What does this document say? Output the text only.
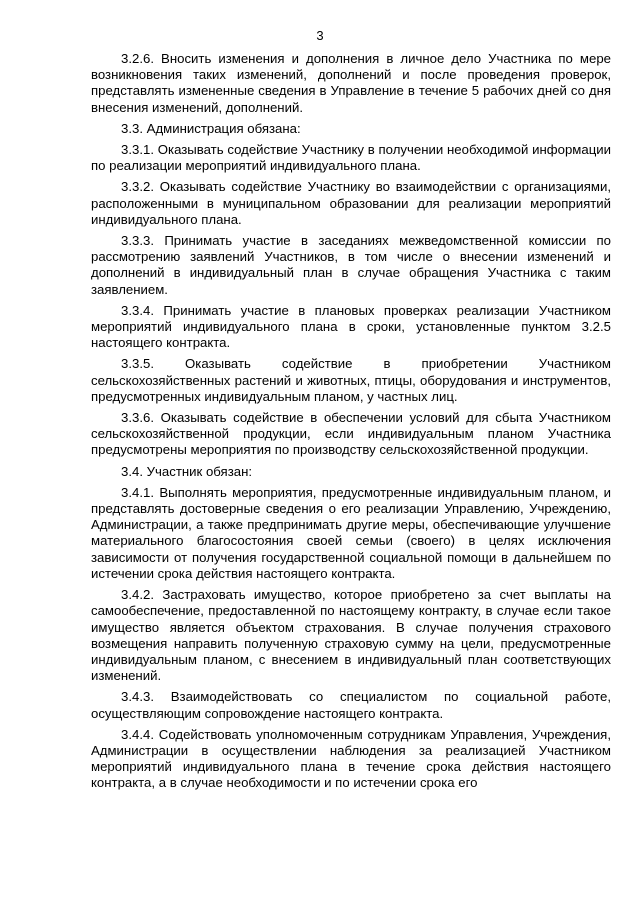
3

3.2.6. Вносить изменения и дополнения в личное дело Участника по мере возникновения таких изменений, дополнений и после проведения проверок, представлять измененные сведения в Управление в течение 5 рабочих дней со дня внесения изменений, дополнений.

3.3. Администрация обязана:

3.3.1. Оказывать содействие Участнику в получении необходимой информации по реализации мероприятий индивидуального плана.

3.3.2. Оказывать содействие Участнику во взаимодействии с организациями, расположенными в муниципальном образовании для реализации мероприятий индивидуального плана.

3.3.3. Принимать участие в заседаниях межведомственной комиссии по рассмотрению заявлений Участников, в том числе о внесении изменений и дополнений в индивидуальный план в случае обращения Участника с таким заявлением.

3.3.4. Принимать участие в плановых проверках реализации Участником мероприятий индивидуального плана в сроки, установленные пунктом 3.2.5 настоящего контракта.

3.3.5. Оказывать содействие в приобретении Участником сельскохозяйственных растений и животных, птицы, оборудования и инструментов, предусмотренных индивидуальным планом, у частных лиц.

3.3.6. Оказывать содействие в обеспечении условий для сбыта Участником сельскохозяйственной продукции, если индивидуальным планом Участника предусмотрены мероприятия по производству сельскохозяйственной продукции.

3.4. Участник обязан:

3.4.1. Выполнять мероприятия, предусмотренные индивидуальным планом, и представлять достоверные сведения о его реализации Управлению, Учреждению, Администрации, а также предпринимать другие меры, обеспечивающие улучшение материального благосостояния своей семьи (своего) в целях исключения зависимости от получения государственной социальной помощи в дальнейшем по истечении срока действия настоящего контракта.

3.4.2. Застраховать имущество, которое приобретено за счет выплаты на самообеспечение, предоставленной по настоящему контракту, в случае если такое имущество является объектом страхования. В случае получения страхового возмещения направить полученную страховую сумму на цели, предусмотренные индивидуальным планом, с внесением в индивидуальный план соответствующих изменений.

3.4.3. Взаимодействовать со специалистом по социальной работе, осуществляющим сопровождение настоящего контракта.

3.4.4. Содействовать уполномоченным сотрудникам Управления, Учреждения, Администрации в осуществлении наблюдения за реализацией Участником мероприятий индивидуального плана в течение срока действия настоящего контракта, а в случае необходимости и по истечении срока его
